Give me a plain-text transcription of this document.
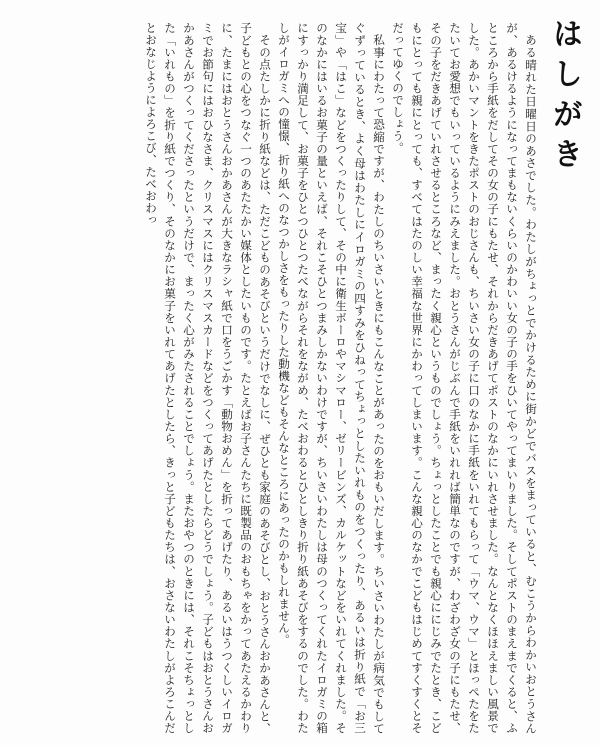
はしがき

ある晴れた日曜日のあさでした。わたしがちょっとでかけるために街かどでバスをまっていると、むこうからわかいおとうさんが、あるけるようになってまもないくらいのかわいい女の子の手をひいてやってまいりました。そしてポストのまえまでくると、ふところから手紙をだしてその女の子にもたせ、それからだきあげてポストのなかにいれさせました。なんとなくほほえましい風景でした。あかいマントをきたポストのおじさんも、ちいさい女の子に口のなかに手紙をいれてもらって「ウマ、ウマ」とほっぺたをたたいてお愛想でもいっているようにみえました。おとうさんがじぶんで手紙をいれれば簡単なのですが、わざわざ女の子にもたせ、その子をだきあげていれさせるところなど、まったく親心というものでしょう。ちょっとしたことでも親心ににじみでたとき、こどもにとっても親にとっても、すべてはたのしい幸福な世界にかわってしまいます。こんな親心のなかでこどもはじめてすくすくとそだってゆくのでしょう。

私事にわたって恐縮ですが、わたしのちいさいときにもこんなことがあったのをおもいだします。ちいさいわたしが病気でもしてぐずっているとき、よく母はわたしにイロガミの四すみをひねってちょっとしたいれものをつくったり、あるいは折り紙で「お三宝」や「はこ」などをつくったりして、その中に衛生ボーロやマシマロー、ゼリービンズ、カルケットなどをいれてくれました。そのなかにはいるお菓子の量といえば、それこそひとつまみしかないわけですが、ちいさいわたしは母のつくってくれたイロガミの箱にすっかり満足して、お菓子をひとつひとつたべながらそれをながめ、たべおわるとひとしきり折り紙あそびをするのでした。わたしがイロガミへの憧憬、折り紙へのなつかしさをもったりした動機などもそんなところにあったのかもしれません。

その点たしかに折り紙などは、ただこどものあそびというだけでなしに、ぜひとも家庭のあそびとし、おとうさんおかあさんと、子どもとの心をつなぐ一つのあたたかい媒体としたいものです。たとえばお子さんたちに既製品のおもちゃをかってあたえるかわりに、たまにはおとうさんおかあさんが大きなラシャ紙で口をうごかす「動物おめん」を折ってあげたり、あるいはうつくしいイロガミでお節句にはおひなさま、クリスマスにはクリスマスカードなどをつくってあげたとしたらどうでしょう。子どもはおとうさんおかあさんがつくってくださったというだけで、まったく心がみたされることでしょう。またおやつのときには、それこそちょっとした「いれもの」を折り紙でつくり、そのなかにお菓子をいれてあげたとしたら、きっと子どもたちは、おさないわたしがよろこんだとおなじようによろこび、たべおわっ
